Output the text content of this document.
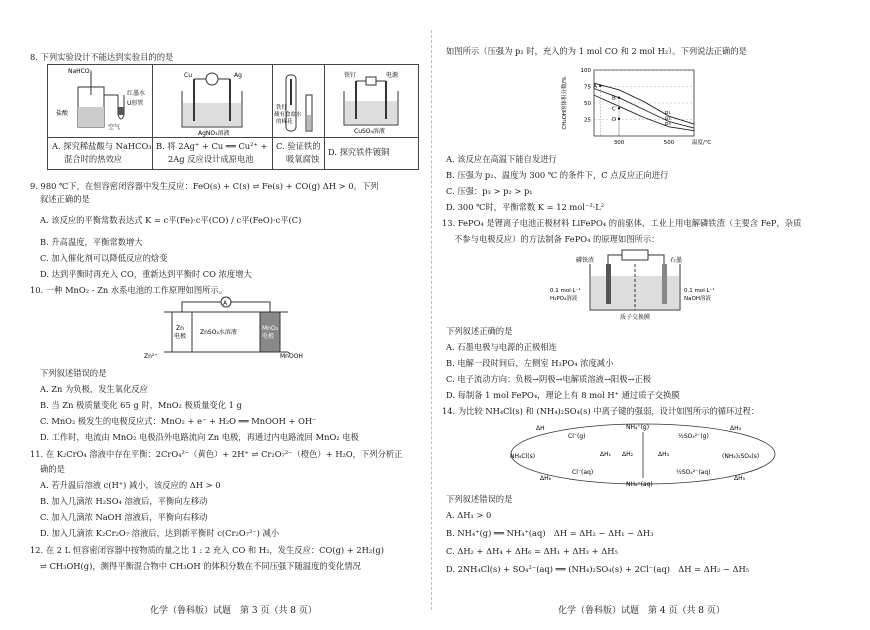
8. 下列实验设计不能达到实验目的的是
NaHCO₃
红墨水
U形管
盐酸
空气
Cu	Ag
AgNO₃溶液
铁钉
蘸有食盐水
的棉花
铁钉	电源
CuSO₄溶液
A. 探究稀盐酸与 NaHCO₃
混合时的热效应
B. 将 2Ag⁺ + Cu ══ Cu²⁺ +
2Ag 反应设计成原电池
C. 验证铁的
吸氧腐蚀
D. 探究铁件镀铜
9. 980 ℃下，在恒容密闭容器中发生反应：FeO(s) + C(s) ⇌ Fe(s) + CO(g) ΔH > 0。下列
叙述正确的是
A. 该反应的平衡常数表达式 K = c平(Fe)·c平(CO) / c平(FeO)·c平(C)
B. 升高温度，平衡常数增大
C. 加入催化剂可以降低反应的焓变
D. 达到平衡时再充入 CO，重新达到平衡时 CO 浓度增大
10. 一种 MnO₂ - Zn 水系电池的工作原理如图所示。
A
Zn
电极
ZnSO₄水溶液
MnO₂
电极
Zn²⁺	MnOOH
下列叙述错误的是
A. Zn 为负极，发生氧化反应
B. 当 Zn 极质量变化 65 g 时，MnO₂ 极质量变化 1 g
C. MnO₂ 极发生的电极反应式：MnO₂ + e⁻ + H₂O ══ MnOOH + OH⁻
D. 工作时，电流由 MnO₂ 电极沿外电路流向 Zn 电极，再通过内电路流回 MnO₂ 电极
11. 在 K₂CrO₄ 溶液中存在平衡：2CrO₄²⁻（黄色）+ 2H⁺ ⇌ Cr₂O₇²⁻（橙色）+ H₂O，下列分析正
确的是
A. 若升温后溶液 c(H⁺) 减小，该反应的 ΔH > 0
B. 加入几滴浓 H₂SO₄ 溶液后，平衡向左移动
C. 加入几滴浓 NaOH 溶液后，平衡向右移动
D. 加入几滴浓 K₂Cr₂O₇ 溶液后，达到新平衡时 c(Cr₂O₇²⁻) 减小
12. 在 2 L 恒容密闭容器中按物质的量之比 1 : 2 充入 CO 和 H₂，发生反应：CO(g) + 2H₂(g)
⇌ CH₃OH(g)，测得平衡混合物中 CH₃OH 的体积分数在不同压强下随温度的变化情况
化学（鲁科版）试题　第 3 页（共 8 页）
如图所示（压强为 p₂ 时，充入的为 1 mol CO 和 2 mol H₂）。下列说法正确的是
25
50
75
100
300	500	温度/℃
CH₃OH的体积分数/%	p₁
p₂
p₃
A
B
C
D
A. 该反应在高温下能自发进行
B. 压强为 p₂、温度为 300 ℃ 的条件下，C 点反应正向进行
C. 压强：p₃ > p₂ > p₁
D. 300 ℃时，平衡常数 K = 12 mol⁻²·L²
13. FePO₄ 是锂离子电池正极材料 LiFePO₄ 的前驱体，工业上用电解磷铁渣（主要含 FeP，杂质
不参与电极反应）的方法制备 FePO₄ 的原理如图所示：
磷铁渣	石墨
0.1 mol·L⁻¹
H₃PO₄溶液
0.1 mol·L⁻¹
NaOH溶液
质子交换膜
下列叙述正确的是
A. 石墨电极与电源的正极相连
B. 电解一段时间后，左侧室 H₃PO₄ 浓度减小
C. 电子流动方向：负极→阴极→电解质溶液→阳极→正极
D. 每制备 1 mol FePO₄，理论上有 8 mol H⁺ 通过质子交换膜
14. 为比较 NH₄Cl(s) 和 (NH₄)₂SO₄(s) 中离子键的强弱，设计如图所示的循环过程：
NH₄⁺(g)
NH₄Cl(s)	(NH₄)₂SO₄(s)
NH₄⁺(aq)
Cl⁻(g)
Cl⁻(aq)
½SO₄²⁻(g)
½SO₄²⁻(aq)
ΔH	ΔH₄
ΔH₁ ΔH₂	ΔH₃
ΔH₅
ΔH₆
下列叙述错误的是
A. ΔH₁ > 0
B. NH₄⁺(g) ══ NH₄⁺(aq)　ΔH = ΔH₂ − ΔH₁ − ΔH₃
C. ΔH₂ + ΔH₄ + ΔH₆ = ΔH₁ + ΔH₃ + ΔH₅
D. 2NH₄Cl(s) + SO₄²⁻(aq) ══ (NH₄)₂SO₄(s) + 2Cl⁻(aq)　ΔH = ΔH₂ − ΔH₅
化学（鲁科版）试题　第 4 页（共 8 页）
